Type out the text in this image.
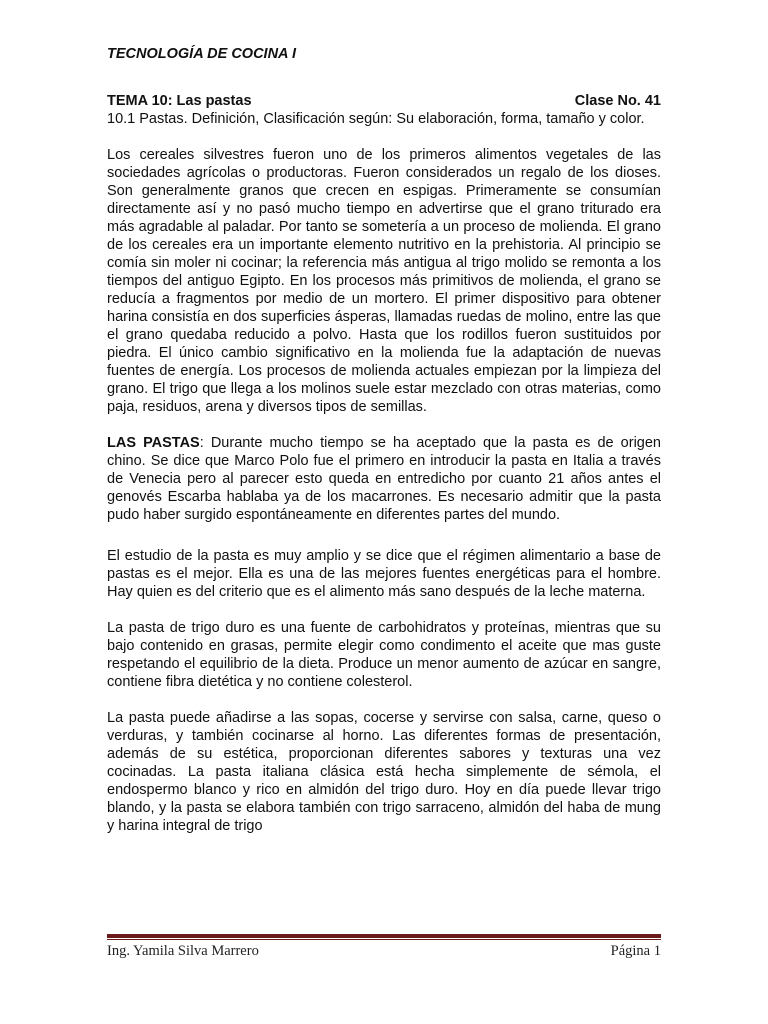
TECNOLOGÍA DE COCINA I
TEMA 10: Las pastas	Clase No. 41

10.1 Pastas. Definición, Clasificación según: Su elaboración, forma, tamaño y color.

Los cereales silvestres fueron uno de los primeros alimentos vegetales de las sociedades agrícolas o productoras. Fueron considerados un regalo de los dioses. Son generalmente granos que crecen en espigas. Primeramente se consumían directamente así y no pasó mucho tiempo en advertirse que el grano triturado era más agradable al paladar. Por tanto se sometería a un proceso de molienda. El grano de los cereales era un importante elemento nutritivo en la prehistoria. Al principio se comía sin moler ni cocinar; la referencia más antigua al trigo molido se remonta a los tiempos del antiguo Egipto. En los procesos más primitivos de molienda, el grano se reducía a fragmentos por medio de un mortero. El primer dispositivo para obtener harina consistía en dos superficies ásperas, llamadas ruedas de molino, entre las que el grano quedaba reducido a polvo. Hasta que los rodillos fueron sustituidos por piedra. El único cambio significativo en la molienda fue la adaptación de nuevas fuentes de energía. Los procesos de molienda actuales empiezan por la limpieza del grano. El trigo que llega a los molinos suele estar mezclado con otras materias, como paja, residuos, arena y diversos tipos de semillas.

LAS PASTAS: Durante mucho tiempo se ha aceptado que la pasta es de origen chino. Se dice que Marco Polo fue el primero en introducir la pasta en Italia a través de Venecia pero al parecer esto queda en entredicho por cuanto 21 años antes el genovés Escarba hablaba ya de los macarrones. Es necesario admitir que la pasta pudo haber surgido espontáneamente en diferentes partes del mundo.

El estudio de la pasta es muy amplio y se dice que el régimen alimentario a base de pastas es el mejor. Ella es una de las mejores fuentes energéticas para el hombre. Hay quien es del criterio que es el alimento más sano después de la leche materna.

La pasta de trigo duro es una fuente de carbohidratos y proteínas, mientras que su bajo contenido en grasas, permite elegir como condimento el aceite que mas guste respetando el equilibrio de la dieta. Produce un menor aumento de azúcar en sangre, contiene fibra dietética y no contiene colesterol.

La pasta puede añadirse a las sopas, cocerse y servirse con salsa, carne, queso o verduras, y también cocinarse al horno. Las diferentes formas de presentación, además de su estética, proporcionan diferentes sabores y texturas una vez cocinadas. La pasta italiana clásica está hecha simplemente de sémola, el endospermo blanco y rico en almidón del trigo duro. Hoy en día puede llevar trigo blando, y la pasta se elabora también con trigo sarraceno, almidón del haba de mung y harina integral de trigo

Ing. Yamila Silva Marrero	Página 1
